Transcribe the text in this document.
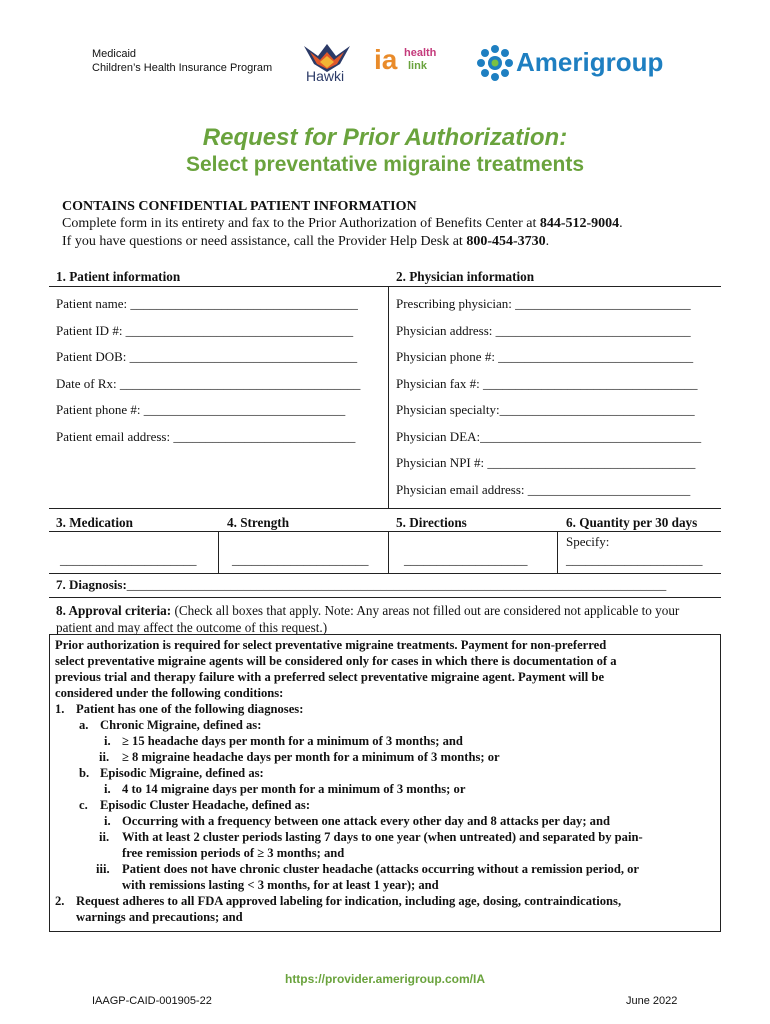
Medicaid
Children’s Health Insurance Program Hawki
ia health
link	Amerigroup
Request for Prior Authorization:
Select preventative migraine treatments
CONTAINS CONFIDENTIAL PATIENT INFORMATION
Complete form in its entirety and fax to the Prior Authorization of Benefits Center at 844-512-9004.
If you have questions or need assistance, call the Provider Help Desk at 800-454-3730.
1. Patient information	2. Physician information
Patient name: ___________________________________
Patient ID #: ___________________________________
Patient DOB: ___________________________________
Date of Rx: _____________________________________
Patient phone #: _______________________________
Patient email address: ____________________________
Prescribing physician: ___________________________
Physician address: ______________________________
Physician phone #: ______________________________
Physician fax #: _________________________________
Physician specialty:______________________________
Physician DEA:__________________________________
Physician NPI #: ________________________________
Physician email address: _________________________
3. Medication	4. Strength	5. Directions	6. Quantity per 30 days
Specify:
_____________________	_____________________	___________________	_____________________
7. Diagnosis:___________________________________________________________________________________
8. Approval criteria: (Check all boxes that apply. Note: Any areas not filled out are considered not applicable to your
patient and may affect the outcome of this request.)
Prior authorization is required for select preventative migraine treatments. Payment for non-preferred
select preventative migraine agents will be considered only for cases in which there is documentation of a
previous trial and therapy failure with a preferred select preventative migraine agent. Payment will be
considered under the following conditions:
1. Patient has one of the following diagnoses:
a. Chronic Migraine, defined as:
i. ≥ 15 headache days per month for a minimum of 3 months; and
ii. ≥ 8 migraine headache days per month for a minimum of 3 months; or
b. Episodic Migraine, defined as:
i. 4 to 14 migraine days per month for a minimum of 3 months; or
c. Episodic Cluster Headache, defined as:
i. Occurring with a frequency between one attack every other day and 8 attacks per day; and
ii. With at least 2 cluster periods lasting 7 days to one year (when untreated) and separated by pain-
free remission periods of ≥ 3 months; and
iii. Patient does not have chronic cluster headache (attacks occurring without a remission period, or
with remissions lasting < 3 months, for at least 1 year); and
2. Request adheres to all FDA approved labeling for indication, including age, dosing, contraindications,
warnings and precautions; and
https://provider.amerigroup.com/IA
IAAGP-CAID-001905-22	June 2022
